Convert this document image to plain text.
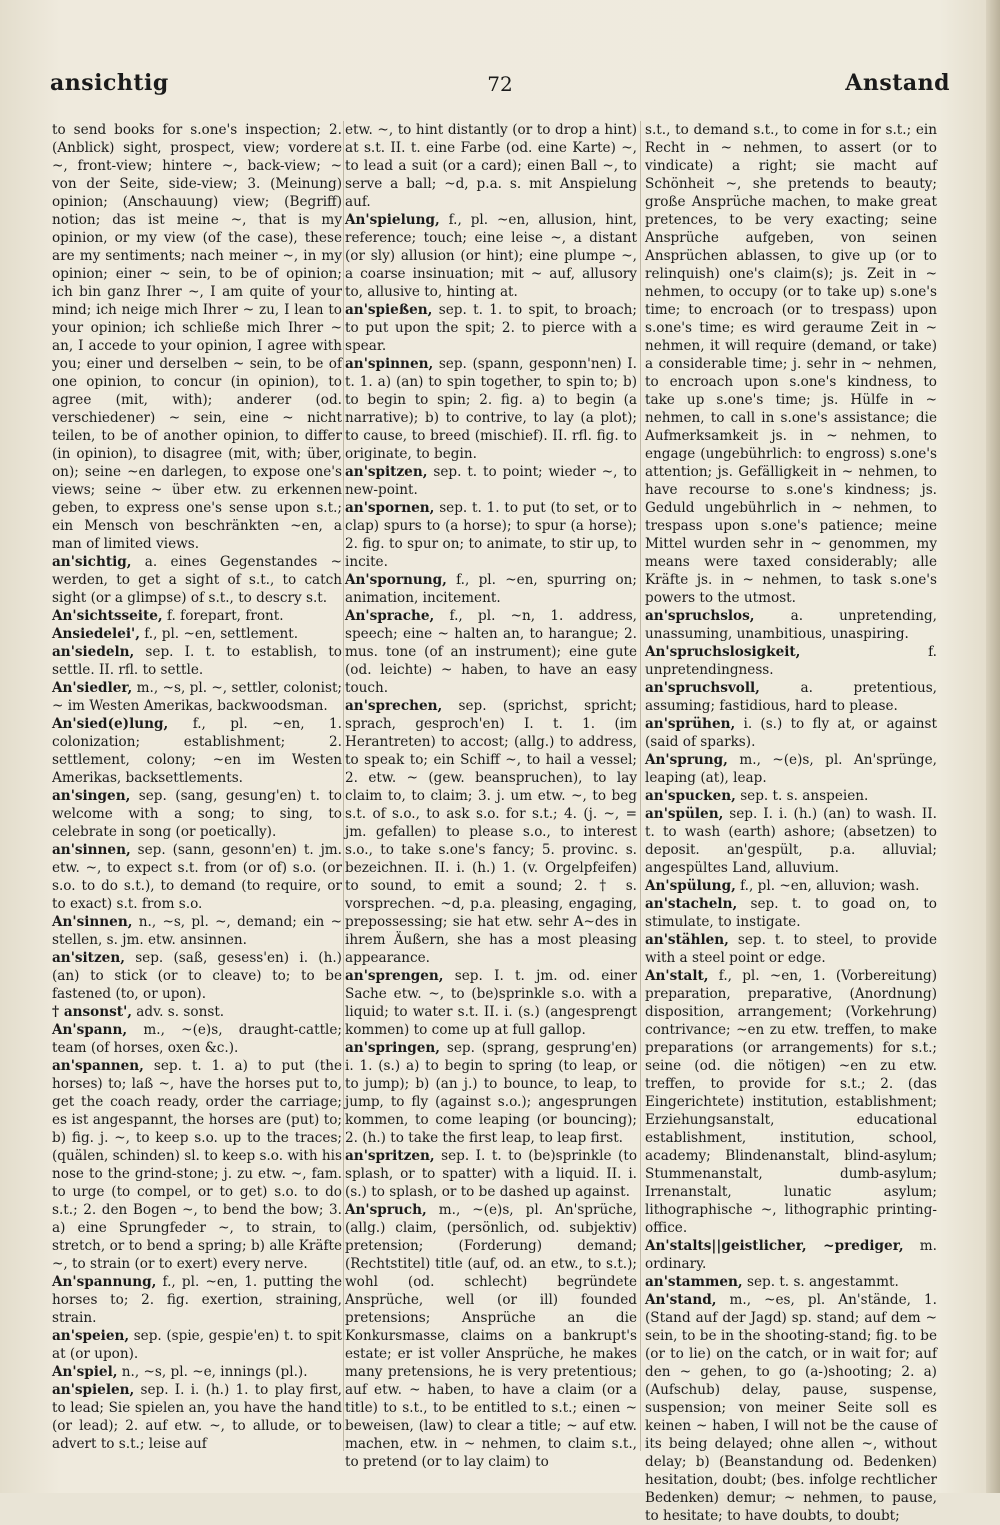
ansichtig	72	Anstand

to send books for s.one's inspection; 2. (Anblick) sight, prospect, view; vordere ~, front-view; hintere ~, back-view; ~ von der Seite, side-view; 3. (Meinung) opinion; (Anschauung) view; (Begriff) notion; das ist meine ~, that is my opinion, or my view (of the case), these are my sentiments; nach meiner ~, in my opinion; einer ~ sein, to be of opinion; ich bin ganz Ihrer ~, I am quite of your mind; ich neige mich Ihrer ~ zu, I lean to your opinion; ich schließe mich Ihrer ~ an, I accede to your opinion, I agree with you; einer und derselben ~ sein, to be of one opinion, to concur (in opinion), to agree (mit, with); anderer (od. verschiedener) ~ sein, eine ~ nicht teilen, to be of another opinion, to differ (in opinion), to disagree (mit, with; über, on); seine ~en darlegen, to expose one's views; seine ~ über etw. zu erkennen geben, to express one's sense upon s.t.; ein Mensch von beschränkten ~en, a man of limited views.

an'sichtig, a. eines Gegenstandes ~ werden, to get a sight of s.t., to catch sight (or a glimpse) of s.t., to descry s.t.

An'sichtsseite, f. forepart, front.

Ansiedelei', f., pl. ~en, settlement.

an'siedeln, sep. I. t. to establish, to settle. II. rfl. to settle.

An'siedler, m., ~s, pl. ~, settler, colonist; ~ im Westen Amerikas, backwoodsman.

An'sied(e)lung, f., pl. ~en, 1. colonization; establishment; 2. settlement, colony; ~en im Westen Amerikas, backsettlements.

an'singen, sep. (sang, gesung'en) t. to welcome with a song; to sing, to celebrate in song (or poetically).

an'sinnen, sep. (sann, gesonn'en) t. jm. etw. ~, to expect s.t. from (or of) s.o. (or s.o. to do s.t.), to demand (to require, or to exact) s.t. from s.o.

An'sinnen, n., ~s, pl. ~, demand; ein ~ stellen, s. jm. etw. ansinnen.

an'sitzen, sep. (saß, gesess'en) i. (h.) (an) to stick (or to cleave) to; to be fastened (to, or upon).

† ansonst', adv. s. sonst.

An'spann, m., ~(e)s, draught-cattle; team (of horses, oxen &c.).

an'spannen, sep. t. 1. a) to put (the horses) to; laß ~, have the horses put to, get the coach ready, order the carriage; es ist angespannt, the horses are (put) to; b) fig. j. ~, to keep s.o. up to the traces; (quälen, schinden) sl. to keep s.o. with his nose to the grind-stone; j. zu etw. ~, fam. to urge (to compel, or to get) s.o. to do s.t.; 2. den Bogen ~, to bend the bow; 3. a) eine Sprungfeder ~, to strain, to stretch, or to bend a spring; b) alle Kräfte ~, to strain (or to exert) every nerve.

An'spannung, f., pl. ~en, 1. putting the horses to; 2. fig. exertion, straining, strain.

an'speien, sep. (spie, gespie'en) t. to spit at (or upon).

An'spiel, n., ~s, pl. ~e, innings (pl.).

an'spielen, sep. I. i. (h.) 1. to play first, to lead; Sie spielen an, you have the hand (or lead); 2. auf etw. ~, to allude, or to advert to s.t.; leise auf

etw. ~, to hint distantly (or to drop a hint) at s.t. II. t. eine Farbe (od. eine Karte) ~, to lead a suit (or a card); einen Ball ~, to serve a ball; ~d, p.a. s. mit Anspielung auf.

An'spielung, f., pl. ~en, allusion, hint, reference; touch; eine leise ~, a distant (or sly) allusion (or hint); eine plumpe ~, a coarse insinuation; mit ~ auf, allusory to, allusive to, hinting at.

an'spießen, sep. t. 1. to spit, to broach; to put upon the spit; 2. to pierce with a spear.

an'spinnen, sep. (spann, gesponn'nen) I. t. 1. a) (an) to spin together, to spin to; b) to begin to spin; 2. fig. a) to begin (a narrative); b) to contrive, to lay (a plot); to cause, to breed (mischief). II. rfl. fig. to originate, to begin.

an'spitzen, sep. t. to point; wieder ~, to new-point.

an'spornen, sep. t. 1. to put (to set, or to clap) spurs to (a horse); to spur (a horse); 2. fig. to spur on; to animate, to stir up, to incite.

An'spornung, f., pl. ~en, spurring on; animation, incitement.

An'sprache, f., pl. ~n, 1. address, speech; eine ~ halten an, to harangue; 2. mus. tone (of an instrument); eine gute (od. leichte) ~ haben, to have an easy touch.

an'sprechen, sep. (sprichst, spricht; sprach, gesproch'en) I. t. 1. (im Herantreten) to accost; (allg.) to address, to speak to; ein Schiff ~, to hail a vessel; 2. etw. ~ (gew. beanspruchen), to lay claim to, to claim; 3. j. um etw. ~, to beg s.t. of s.o., to ask s.o. for s.t.; 4. (j. ~, = jm. gefallen) to please s.o., to interest s.o., to take s.one's fancy; 5. provinc. s. bezeichnen. II. i. (h.) 1. (v. Orgelpfeifen) to sound, to emit a sound; 2. † s. vorsprechen. ~d, p.a. pleasing, engaging, prepossessing; sie hat etw. sehr A~des in ihrem Äußern, she has a most pleasing appearance.

an'sprengen, sep. I. t. jm. od. einer Sache etw. ~, to (be)sprinkle s.o. with a liquid; to water s.t. II. i. (s.) (angesprengt kommen) to come up at full gallop.

an'springen, sep. (sprang, gesprung'en) i. 1. (s.) a) to begin to spring (to leap, or to jump); b) (an j.) to bounce, to leap, to jump, to fly (against s.o.); angesprungen kommen, to come leaping (or bouncing); 2. (h.) to take the first leap, to leap first.

an'spritzen, sep. I. t. to (be)sprinkle (to splash, or to spatter) with a liquid. II. i. (s.) to splash, or to be dashed up against.

An'spruch, m., ~(e)s, pl. An'sprüche, (allg.) claim, (persönlich, od. subjektiv) pretension; (Forderung) demand; (Rechtstitel) title (auf, od. an etw., to s.t.); wohl (od. schlecht) begründete Ansprüche, well (or ill) founded pretensions; Ansprüche an die Konkursmasse, claims on a bankrupt's estate; er ist voller Ansprüche, he makes many pretensions, he is very pretentious; auf etw. ~ haben, to have a claim (or a title) to s.t., to be entitled to s.t.; einen ~ beweisen, (law) to clear a title; ~ auf etw. machen, etw. in ~ nehmen, to claim s.t., to pretend (or to lay claim) to

s.t., to demand s.t., to come in for s.t.; ein Recht in ~ nehmen, to assert (or to vindicate) a right; sie macht auf Schönheit ~, she pretends to beauty; große Ansprüche machen, to make great pretences, to be very exacting; seine Ansprüche aufgeben, von seinen Ansprüchen ablassen, to give up (or to relinquish) one's claim(s); js. Zeit in ~ nehmen, to occupy (or to take up) s.one's time; to encroach (or to trespass) upon s.one's time; es wird geraume Zeit in ~ nehmen, it will require (demand, or take) a considerable time; j. sehr in ~ nehmen, to encroach upon s.one's kindness, to take up s.one's time; js. Hülfe in ~ nehmen, to call in s.one's assistance; die Aufmerksamkeit js. in ~ nehmen, to engage (ungebührlich: to engross) s.one's attention; js. Gefälligkeit in ~ nehmen, to have recourse to s.one's kindness; js. Geduld ungebührlich in ~ nehmen, to trespass upon s.one's patience; meine Mittel wurden sehr in ~ genommen, my means were taxed considerably; alle Kräfte js. in ~ nehmen, to task s.one's powers to the utmost.

an'spruchslos,	a. unpretending, unassuming, unambitious, unaspiring.

An'spruchslosigkeit,	f. unpretendingness.

an'spruchsvoll,	a. pretentious, assuming; fastidious, hard to please.

an'sprühen, i. (s.) to fly at, or against (said of sparks).

An'sprung, m., ~(e)s, pl. An'sprünge, leaping (at), leap.

an'spucken, sep. t. s. anspeien.

an'spülen, sep. I. i. (h.) (an) to wash. II. t. to wash (earth) ashore; (absetzen) to deposit. an'gespült, p.a. alluvial; angespültes Land, alluvium.

An'spülung, f., pl. ~en, alluvion; wash.

an'stacheln, sep. t. to goad on, to stimulate, to instigate.

an'stählen, sep. t. to steel, to provide with a steel point or edge.

An'stalt, f., pl. ~en, 1. (Vorbereitung) preparation, preparative, (Anordnung) disposition, arrangement; (Vorkehrung) contrivance; ~en zu etw. treffen, to make preparations (or arrangements) for s.t.; seine (od. die nötigen) ~en zu etw. treffen, to provide for s.t.; 2. (das Eingerichtete) institution, establishment; Erziehungsanstalt, educational establishment, institution, school, academy; Blindenanstalt, blind-asylum; Stummenanstalt, dumb-asylum; Irrenanstalt, lunatic asylum; lithographische ~, lithographic printing-office.

An'stalts||geistlicher, ~prediger, m. ordinary.

an'stammen, sep. t. s. angestammt.

An'stand, m., ~es, pl. An'stände, 1. (Stand auf der Jagd) sp. stand; auf dem ~ sein, to be in the shooting-stand; fig. to be (or to lie) on the catch, or in wait for; auf den ~ gehen, to go (a-)shooting; 2. a) (Aufschub) delay, pause, suspense, suspension; von meiner Seite soll es keinen ~ haben, I will not be the cause of its being delayed; ohne allen ~, without delay; b) (Beanstandung od. Bedenken) hesitation, doubt; (bes. infolge rechtlicher Bedenken) demur; ~ nehmen, to pause, to hesitate; to have doubts, to doubt;
